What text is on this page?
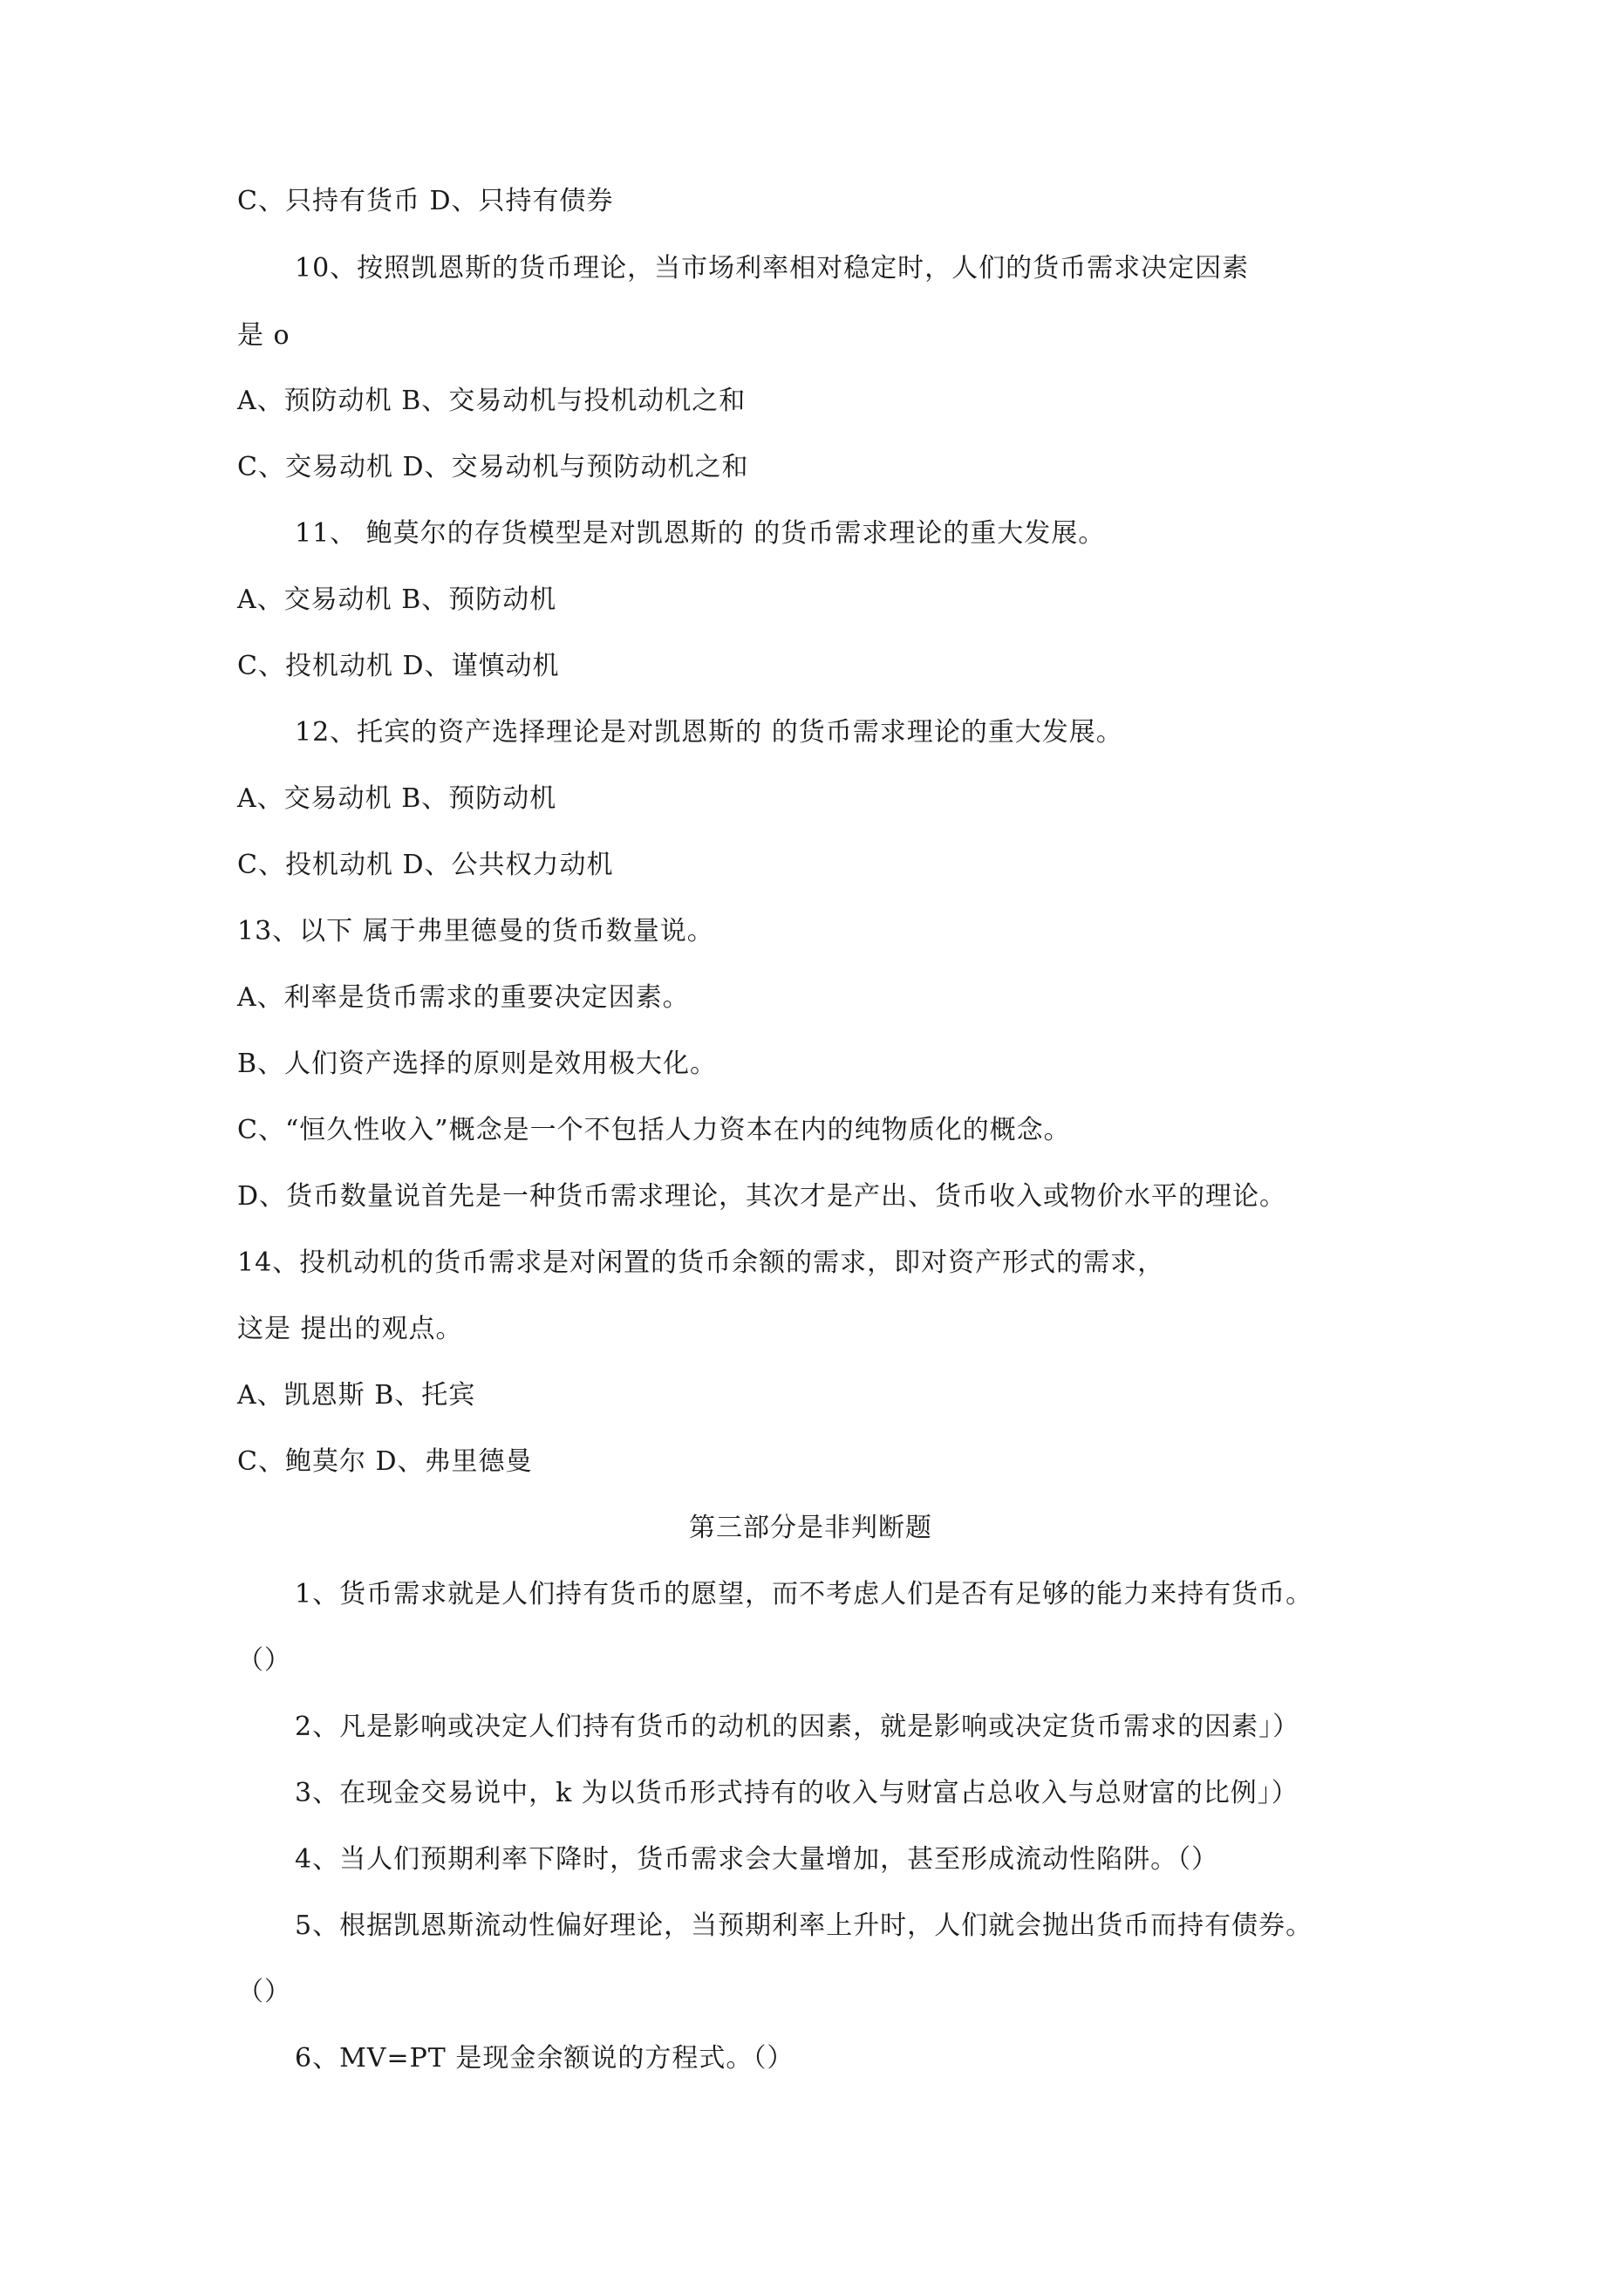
C、只持有货币 D、只持有债券
10、按照凯恩斯的货币理论，当市场利率相对稳定时，人们的货币需求决定因素
是 o
A、预防动机 B、交易动机与投机动机之和
C、交易动机 D、交易动机与预防动机之和
11、 鲍莫尔的存货模型是对凯恩斯的 的货币需求理论的重大发展。
A、交易动机 B、预防动机
C、投机动机 D、谨慎动机
12、托宾的资产选择理论是对凯恩斯的 的货币需求理论的重大发展。
A、交易动机 B、预防动机
C、投机动机 D、公共权力动机
13、以下 属于弗里德曼的货币数量说。
A、利率是货币需求的重要决定因素。
B、人们资产选择的原则是效用极大化。
C、“恒久性收入”概念是一个不包括人力资本在内的纯物质化的概念。
D、货币数量说首先是一种货币需求理论，其次才是产出、货币收入或物价水平的理论。
14、投机动机的货币需求是对闲置的货币余额的需求，即对资产形式的需求，
这是 提出的观点。
A、凯恩斯 B、托宾
C、鲍莫尔 D、弗里德曼
第三部分是非判断题
1、货币需求就是人们持有货币的愿望，而不考虑人们是否有足够的能力来持有货币。
（）
2、凡是影响或决定人们持有货币的动机的因素，就是影响或决定货币需求的因素」）
3、在现金交易说中，k 为以货币形式持有的收入与财富占总收入与总财富的比例」）
4、当人们预期利率下降时，货币需求会大量增加，甚至形成流动性陷阱。（）
5、根据凯恩斯流动性偏好理论，当预期利率上升时，人们就会抛出货币而持有债券。
（）
6、MV=PT 是现金余额说的方程式。（）
